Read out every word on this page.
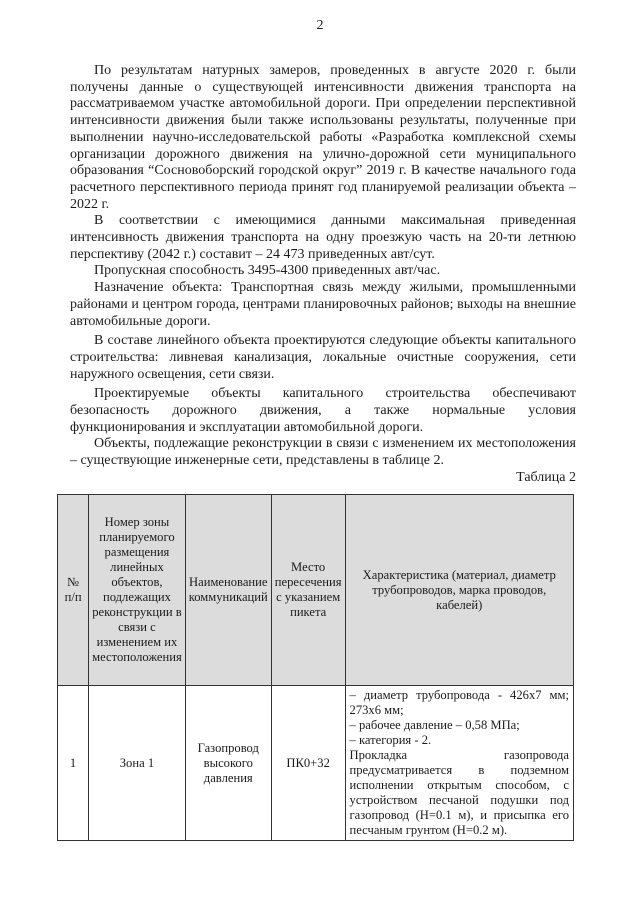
2

По результатам натурных замеров, проведенных в августе 2020 г. были получены данные о существующей интенсивности движения транспорта на рассматриваемом участке автомобильной дороги. При определении перспективной интенсивности движения были также использованы результаты, полученные при выполнении научно-исследовательской работы «Разработка комплексной схемы организации дорожного движения на улично-дорожной сети муниципального образования “Сосновоборский городской округ” 2019 г. В качестве начального года расчетного перспективного периода принят год планируемой реализации объекта – 2022 г.

В соответствии с имеющимися данными максимальная приведенная интенсивность движения транспорта на одну проезжую часть на 20-ти летнюю перспективу (2042 г.) составит – 24 473 приведенных авт/сут.

Пропускная способность 3495-4300 приведенных авт/час.

Назначение объекта: Транспортная связь между жилыми, промышленными районами и центром города, центрами планировочных районов; выходы на внешние автомобильные дороги.

В составе линейного объекта проектируются следующие объекты капитального строительства: ливневая канализация, локальные очистные сооружения, сети наружного освещения, сети связи.

Проектируемые объекты капитального строительства обеспечивают безопасность дорожного движения, а также нормальные условия функционирования и эксплуатации автомобильной дороги.

Объекты, подлежащие реконструкции в связи с изменением их местоположения – существующие инженерные сети, представлены в таблице 2.

Таблица 2
№ п/п	Номер зоны планируемого размещения линейных объектов, подлежащих реконструкции в связи с изменением их местоположения	Наименование коммуникаций	Место пересечения с указанием пикета	Характеристика (материал, диаметр трубопроводов, марка проводов, кабелей)
1	Зона 1	Газопровод высокого давления	ПК0+32	– диаметр трубопровода - 426х7 мм; 273х6 мм;
– рабочее давление – 0,58 МПа;
– категория - 2.
Прокладка газопровода предусматривается в подземном исполнении открытым способом, с устройством песчаной подушки под газопровод (Н=0.1 м), и присыпка его песчаным грунтом (Н=0.2 м).
